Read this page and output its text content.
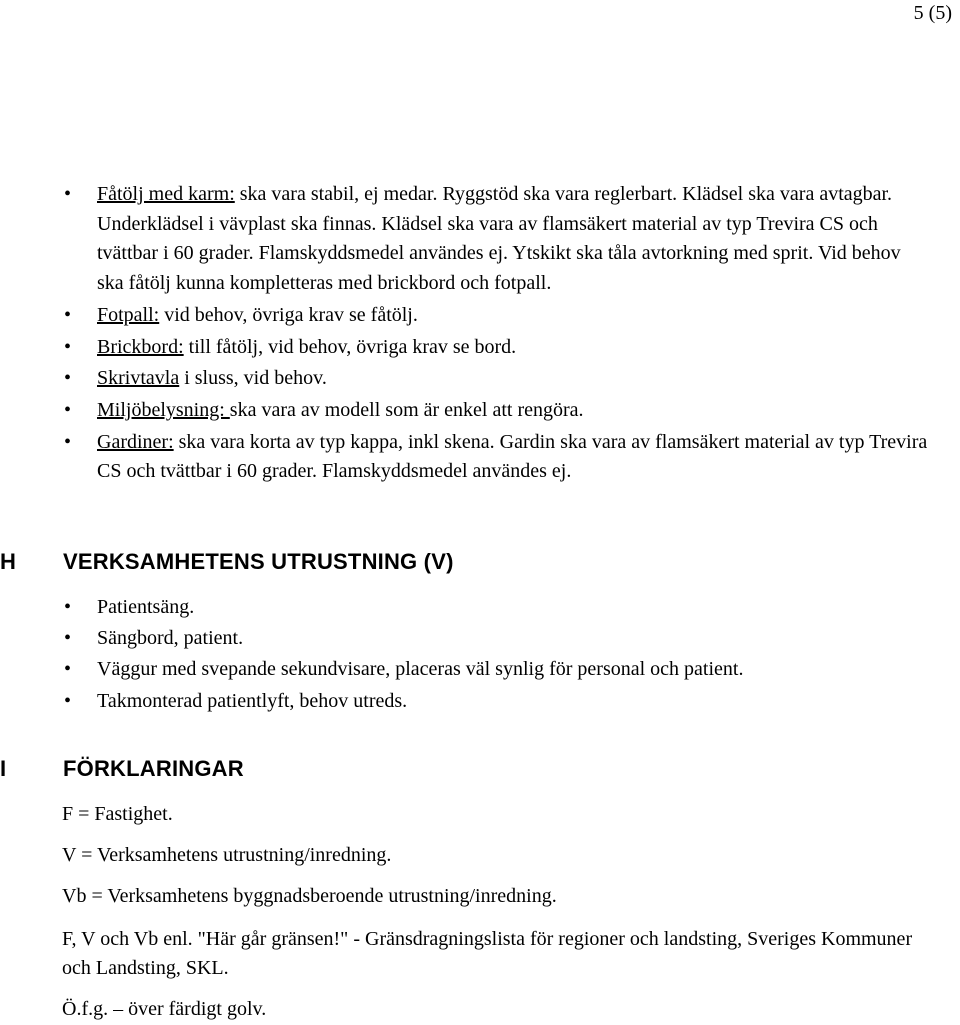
5 (5)
• Fåtölj med karm: ska vara stabil, ej medar. Ryggstöd ska vara reglerbart. Klädsel ska vara avtagbar. Underklädsel i vävplast ska finnas. Klädsel ska vara av flamsäkert material av typ Trevira CS och tvättbar i 60 grader. Flamskyddsmedel användes ej. Ytskikt ska tåla avtorkning med sprit. Vid behov ska fåtölj kunna kompletteras med brickbord och fotpall.
• Fotpall: vid behov, övriga krav se fåtölj.
• Brickbord: till fåtölj, vid behov, övriga krav se bord.
• Skrivtavla i sluss, vid behov.
• Miljöbelysning: ska vara av modell som är enkel att rengöra.
• Gardiner: ska vara korta av typ kappa, inkl skena. Gardin ska vara av flamsäkert material av typ Trevira CS och tvättbar i 60 grader. Flamskyddsmedel användes ej.
H VERKSAMHETENS UTRUSTNING (V)
• Patientsäng.
• Sängbord, patient.
• Väggur med svepande sekundvisare, placeras väl synlig för personal och patient.
• Takmonterad patientlyft, behov utreds.
I	FÖRKLARINGAR

F = Fastighet.

V = Verksamhetens utrustning/inredning.

Vb = Verksamhetens byggnadsberoende utrustning/inredning.

F, V och Vb enl. "Här går gränsen!" - Gränsdragningslista för regioner och landsting, Sveriges Kommuner och Landsting, SKL.

Ö.f.g. – över färdigt golv.
